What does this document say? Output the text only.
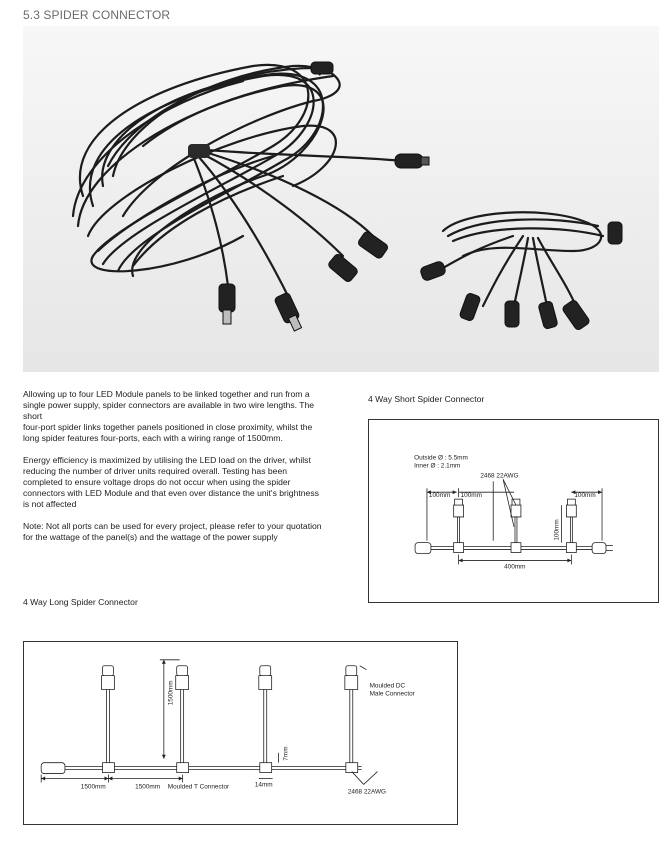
5.3 SPIDER CONNECTOR

Allowing up to four LED Module panels to be linked together and run from a single power supply, spider connectors are available in two wire lengths. The short
four-port spider links together panels positioned in close proximity, whilst the long spider features four-ports, each with a wiring range of 1500mm.

Energy efficiency is maximized by utilising the LED load on the driver, whilst reducing the number of driver units required overall. Testing has been completed to ensure voltage drops do not occur when using the spider connectors with LED Module and that even over distance the unit's brightness is not affected

Note: Not all ports can be used for every project, please refer to your quotation for the wattage of the panel(s) and the wattage of the power supply

4 Way Long Spider Connector
4 Way Short Spider Connector
Outside Ø : 5.5mm
Inner Ø : 2.1mm
2468 22AWG
100mm 100mm	100mm
100mm
400mm
1500mm	Moulded DC
Male Connector
7mm
1500mm	1500mm Moulded T Connector	14mm
2468 22AWG
